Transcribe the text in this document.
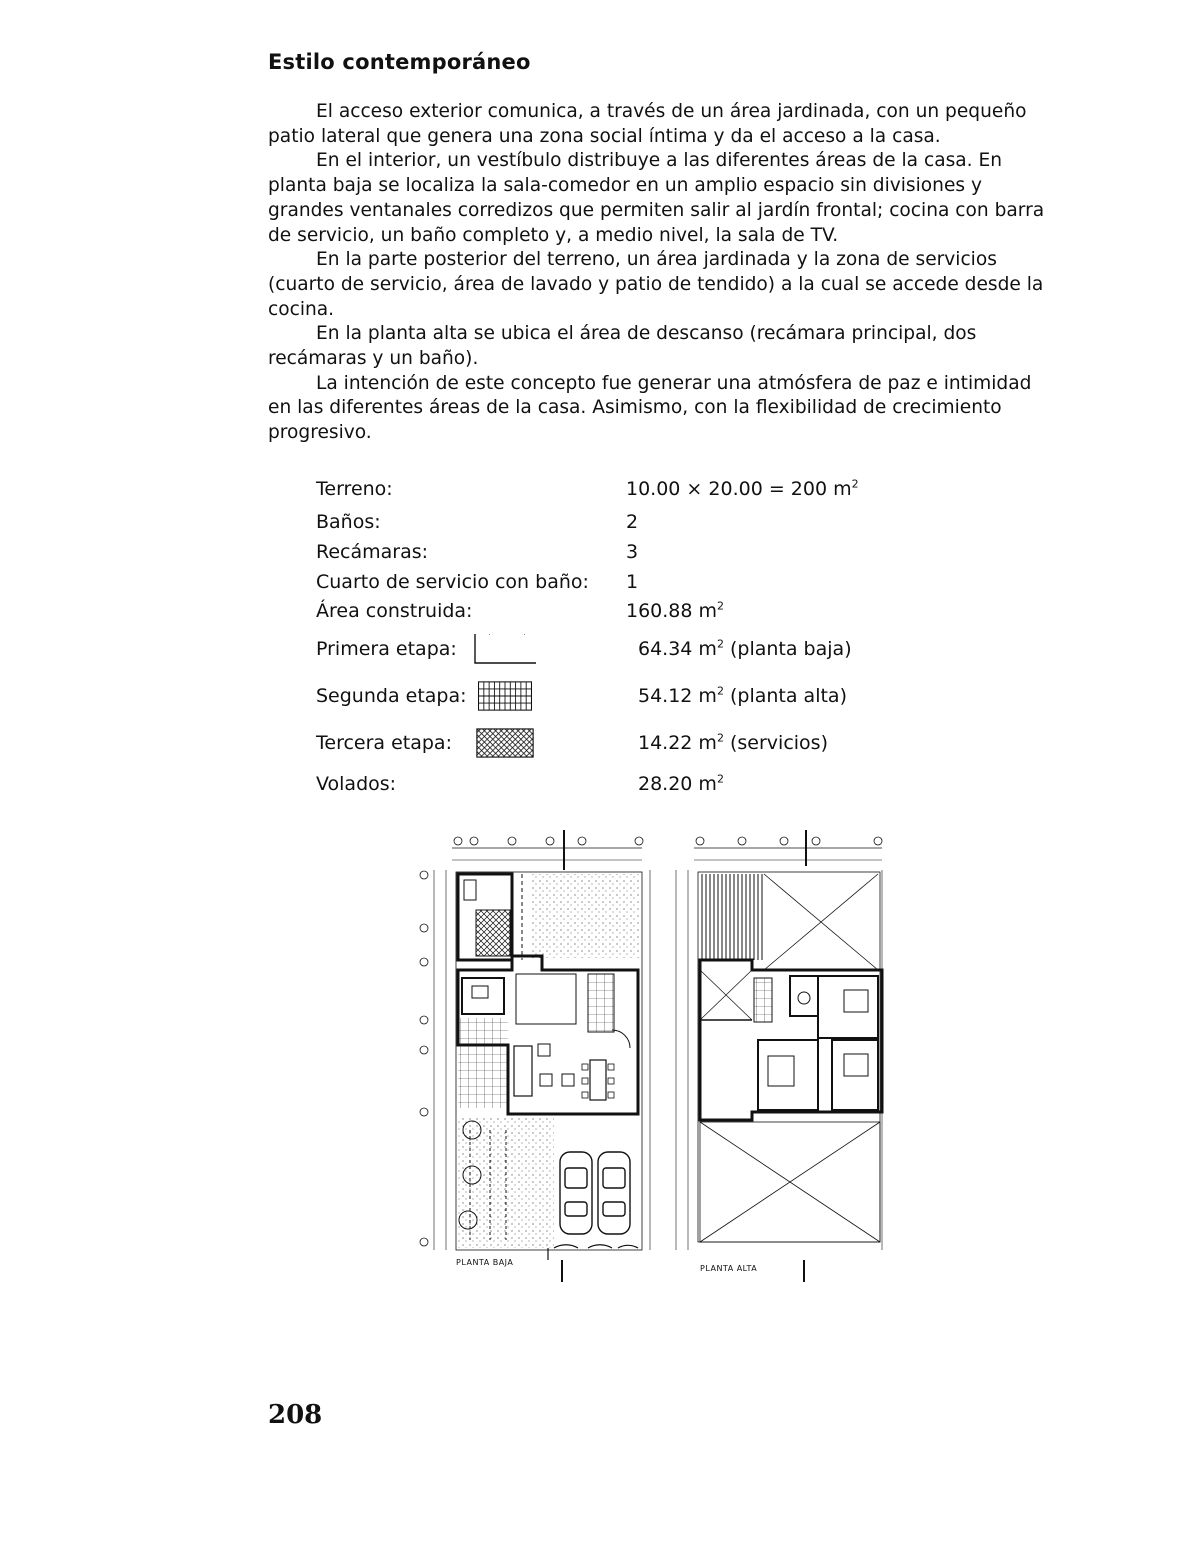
Estilo contemporáneo

El acceso exterior comunica, a través de un área jardinada, con un pequeño patio lateral que genera una zona social íntima y da el acceso a la casa.

En el interior, un vestíbulo distribuye a las diferentes áreas de la casa. En planta baja se localiza la sala-comedor en un amplio espacio sin divisiones y grandes ventanales corredizos que permiten salir al jardín frontal; cocina con barra de servicio, un baño completo y, a medio nivel, la sala de TV.

En la parte posterior del terreno, un área jardinada y la zona de servicios (cuarto de servicio, área de lavado y patio de tendido) a la cual se accede desde la cocina.

En la planta alta se ubica el área de descanso (recámara principal, dos recámaras y un baño).

La intención de este concepto fue generar una atmósfera de paz e intimidad en las diferentes áreas de la casa. Asimismo, con la flexibilidad de crecimiento progresivo.

Terreno:	10.00 × 20.00 = 200 $m^2$
Baños:	2
Recámaras:	3
Cuarto de servicio con baño: 1
Área construida:	160.88 $m^2$
Primera etapa:	64.34 $m^2$ (planta baja)
Segunda etapa:	54.12 $m^2$ (planta alta)
Tercera etapa:	14.22 $m^2$ (servicios)
Volados:	28.20 $m^2$
PLANTA BAJA
PLANTA ALTA
208
